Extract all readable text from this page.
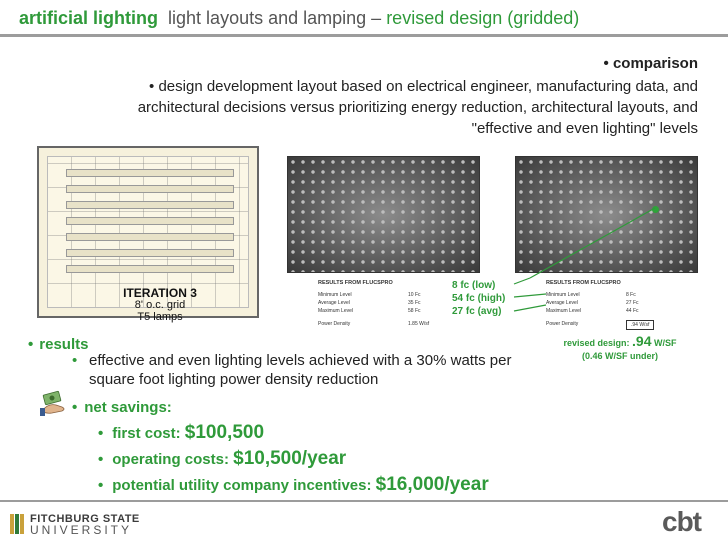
artificial lighting light layouts and lamping – revised design (gridded)
• comparison
• design development layout based on electrical engineer, manufacturing data, and architectural decisions versus prioritizing energy reduction, architectural layouts, and "effective and even lighting" levels
ITERATION 3
8' o.c. grid
T5 lamps
RESULTS FROM FLUCSPRO
Minimum Level	10 Fc
Average Level	35 Fc
Maximum Level	58 Fc
Power Density	1.85 W/sf
RESULTS FROM FLUCSPRO
Minimum Level	8 Fc
Average Level	27 Fc
Maximum Level	44 Fc
Power Density	.94 W/sf
8 fc (low)
54 fc (high)
27 fc (avg)
revised design: .94 W/SF
(0.46 W/SF under)
• results
• effective and even lighting levels achieved with a 30% watts per square foot lighting power density reduction
• net savings:
• first cost: $100,500
• operating costs: $10,500/year
• potential utility company incentives: $16,000/year
FITCHBURG STATE
UNIVERSITY	cbt
